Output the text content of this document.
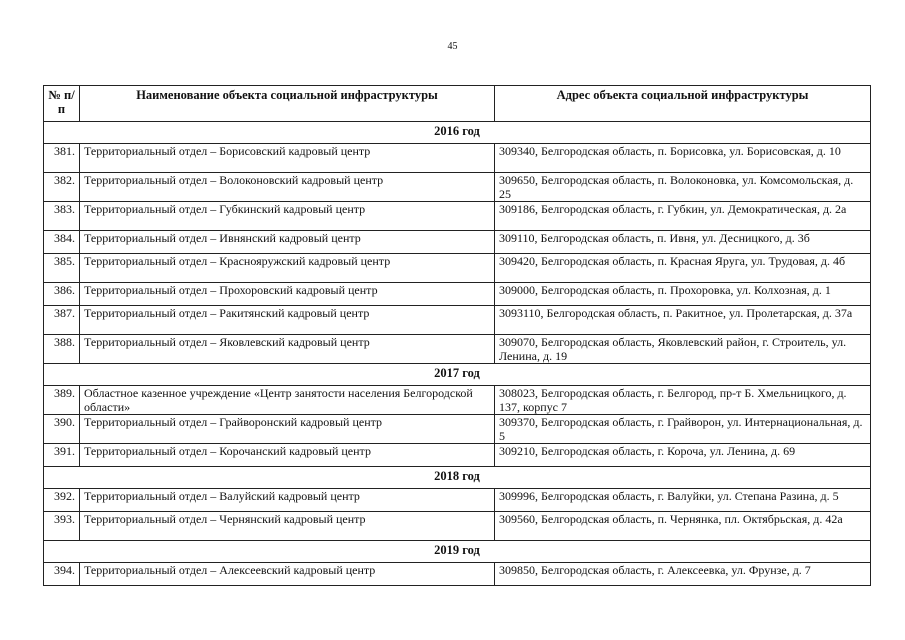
45
№ п/п	Наименование объекта социальной инфраструктуры	Адрес объекта социальной инфраструктуры
2016 год		
381.	Территориальный отдел – Борисовский кадровый центр	309340, Белгородская область, п. Борисовка, ул. Борисовская, д. 10
382.	Территориальный отдел – Волоконовский кадровый центр	309650, Белгородская область, п. Волоконовка, ул. Комсомольская, д. 25
383.	Территориальный отдел – Губкинский кадровый центр	309186, Белгородская область, г. Губкин, ул. Демократическая, д. 2а
384.	Территориальный отдел – Ивнянский кадровый центр	309110, Белгородская область, п. Ивня, ул. Десницкого, д. 3б
385.	Территориальный отдел – Краснояружский кадровый центр	309420, Белгородская область, п. Красная Яруга, ул. Трудовая, д. 4б
386.	Территориальный отдел – Прохоровский кадровый центр	309000, Белгородская область, п. Прохоровка, ул. Колхозная, д. 1
387.	Территориальный отдел – Ракитянский кадровый центр	3093110, Белгородская область, п. Ракитное, ул. Пролетарская, д. 37а
388.	Территориальный отдел – Яковлевский кадровый центр	309070, Белгородская область, Яковлевский район, г. Строитель, ул. Ленина, д. 19
2017 год		
389.	Областное казенное учреждение «Центр занятости населения Белгородской области»	308023, Белгородская область, г. Белгород, пр-т Б. Хмельницкого, д. 137, корпус 7
390.	Территориальный отдел – Грайворонский кадровый центр	309370, Белгородская область, г. Грайворон, ул. Интернациональная, д. 5
391.	Территориальный отдел – Корочанский кадровый центр	309210, Белгородская область, г. Короча, ул. Ленина, д. 69
2018 год		
392.	Территориальный отдел – Валуйский кадровый центр	309996, Белгородская область, г. Валуйки, ул. Степана Разина, д. 5
393.	Территориальный отдел – Чернянский кадровый центр	309560, Белгородская область, п. Чернянка, пл. Октябрьская, д. 42а
2019 год		
394.	Территориальный отдел – Алексеевский кадровый центр	309850, Белгородская область, г. Алексеевка, ул. Фрунзе, д. 7
